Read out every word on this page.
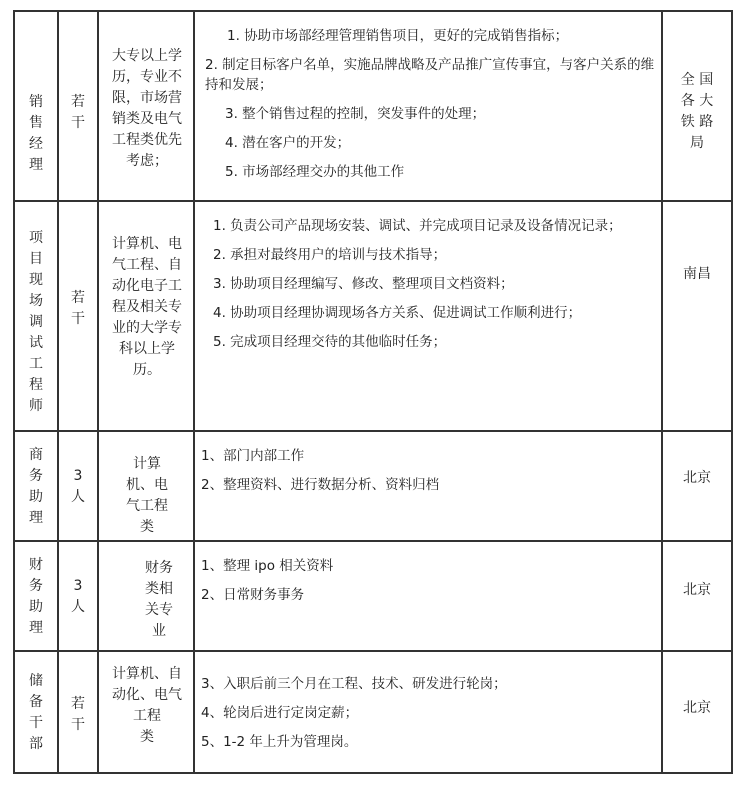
销
售
经
理
若
干
大专以上学
历，专业不
限，市场营
销类及电气
工程类优先
考虑；
1. 协助市场部经理管理销售项目，更好的完成销售指标；
2. 制定目标客户名单，实施品牌战略及产品推广宣传事宜，与客户关系的维持和发展；
3. 整个销售过程的控制，突发事件的处理；
4. 潜在客户的开发；
5. 市场部经理交办的其他工作
全 国
各 大
铁 路
局
项
目
现
场
调
试
工
程
师
若
干
计算机、电
气工程、自
动化电子工
程及相关专
业的大学专
科以上学
历。
1. 负责公司产品现场安装、调试、并完成项目记录及设备情况记录；
2. 承担对最终用户的培训与技术指导；
3. 协助项目经理编写、修改、整理项目文档资料；
4. 协助项目经理协调现场各方关系、促进调试工作顺利进行；
5. 完成项目经理交待的其他临时任务；
南昌
商
务
助
理
3
人
计算
机、电
气工程
类
1、部门内部工作
2、整理资料、进行数据分析、资料归档	北京
财
务
助
理
3
人
财务
类相
关专
业
1、整理 ipo 相关资料
2、日常财务事务	北京
储
备
干
部
若
干
计算机、自
动化、电气
工程
类
3、入职后前三个月在工程、技术、研发进行轮岗；
4、轮岗后进行定岗定薪；
5、1-2 年上升为管理岗。
北京
